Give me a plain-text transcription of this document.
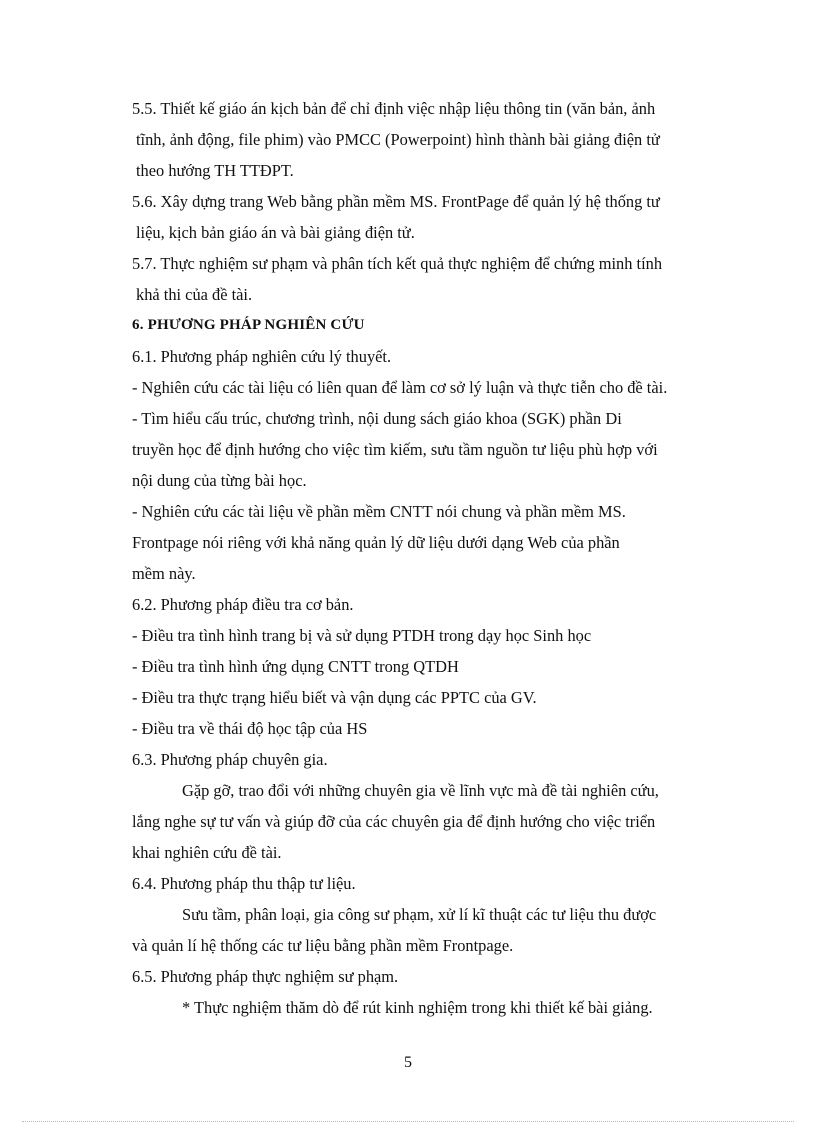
5.5. Thiết kế giáo án kịch bản để chỉ định việc nhập liệu thông tin (văn bản, ảnh
tĩnh, ảnh động, file phim) vào PMCC (Powerpoint) hình thành bài giảng điện tử
theo hướng TH TTĐPT.

5.6. Xây dựng trang Web bằng phần mềm MS. FrontPage để quản lý hệ thống tư
liệu, kịch bản giáo án và bài giảng điện tử.

5.7. Thực nghiệm sư phạm và phân tích kết quả thực nghiệm để chứng minh tính
khả thi của đề tài.

6. PHƯƠNG PHÁP NGHIÊN CỨU

6.1. Phương pháp nghiên cứu lý thuyết.

- Nghiên cứu các tài liệu có liên quan để làm cơ sở lý luận và thực tiễn cho đề tài.

- Tìm hiểu cấu trúc, chương trình, nội dung sách giáo khoa (SGK) phần Di
truyền học để định hướng cho việc tìm kiếm, sưu tầm nguồn tư liệu phù hợp với
nội dung của từng bài học.

- Nghiên cứu các tài liệu về phần mềm CNTT nói chung và phần mềm MS.
Frontpage nói riêng với khả năng quản lý dữ liệu dưới dạng Web của phần
mềm này.

6.2. Phương pháp điều tra cơ bản.

- Điều tra tình hình trang bị và sử dụng PTDH trong dạy học Sinh học

- Điều tra tình hình ứng dụng CNTT trong QTDH

- Điều tra thực trạng hiểu biết và vận dụng các PPTC của GV.

- Điều tra về thái độ học tập của HS

6.3. Phương pháp chuyên gia.

Gặp gỡ, trao đổi với những chuyên gia về lĩnh vực mà đề tài nghiên cứu,
lắng nghe sự tư vấn và giúp đỡ của các chuyên gia để định hướng cho việc triển
khai nghiên cứu đề tài.

6.4. Phương pháp thu thập tư liệu.

Sưu tầm, phân loại, gia công sư phạm, xử lí kĩ thuật các tư liệu thu được
và quản lí hệ thống các tư liệu bằng phần mềm Frontpage.

6.5. Phương pháp thực nghiệm sư phạm.

* Thực nghiệm thăm dò để rút kinh nghiệm trong khi thiết kế bài giảng.

5
